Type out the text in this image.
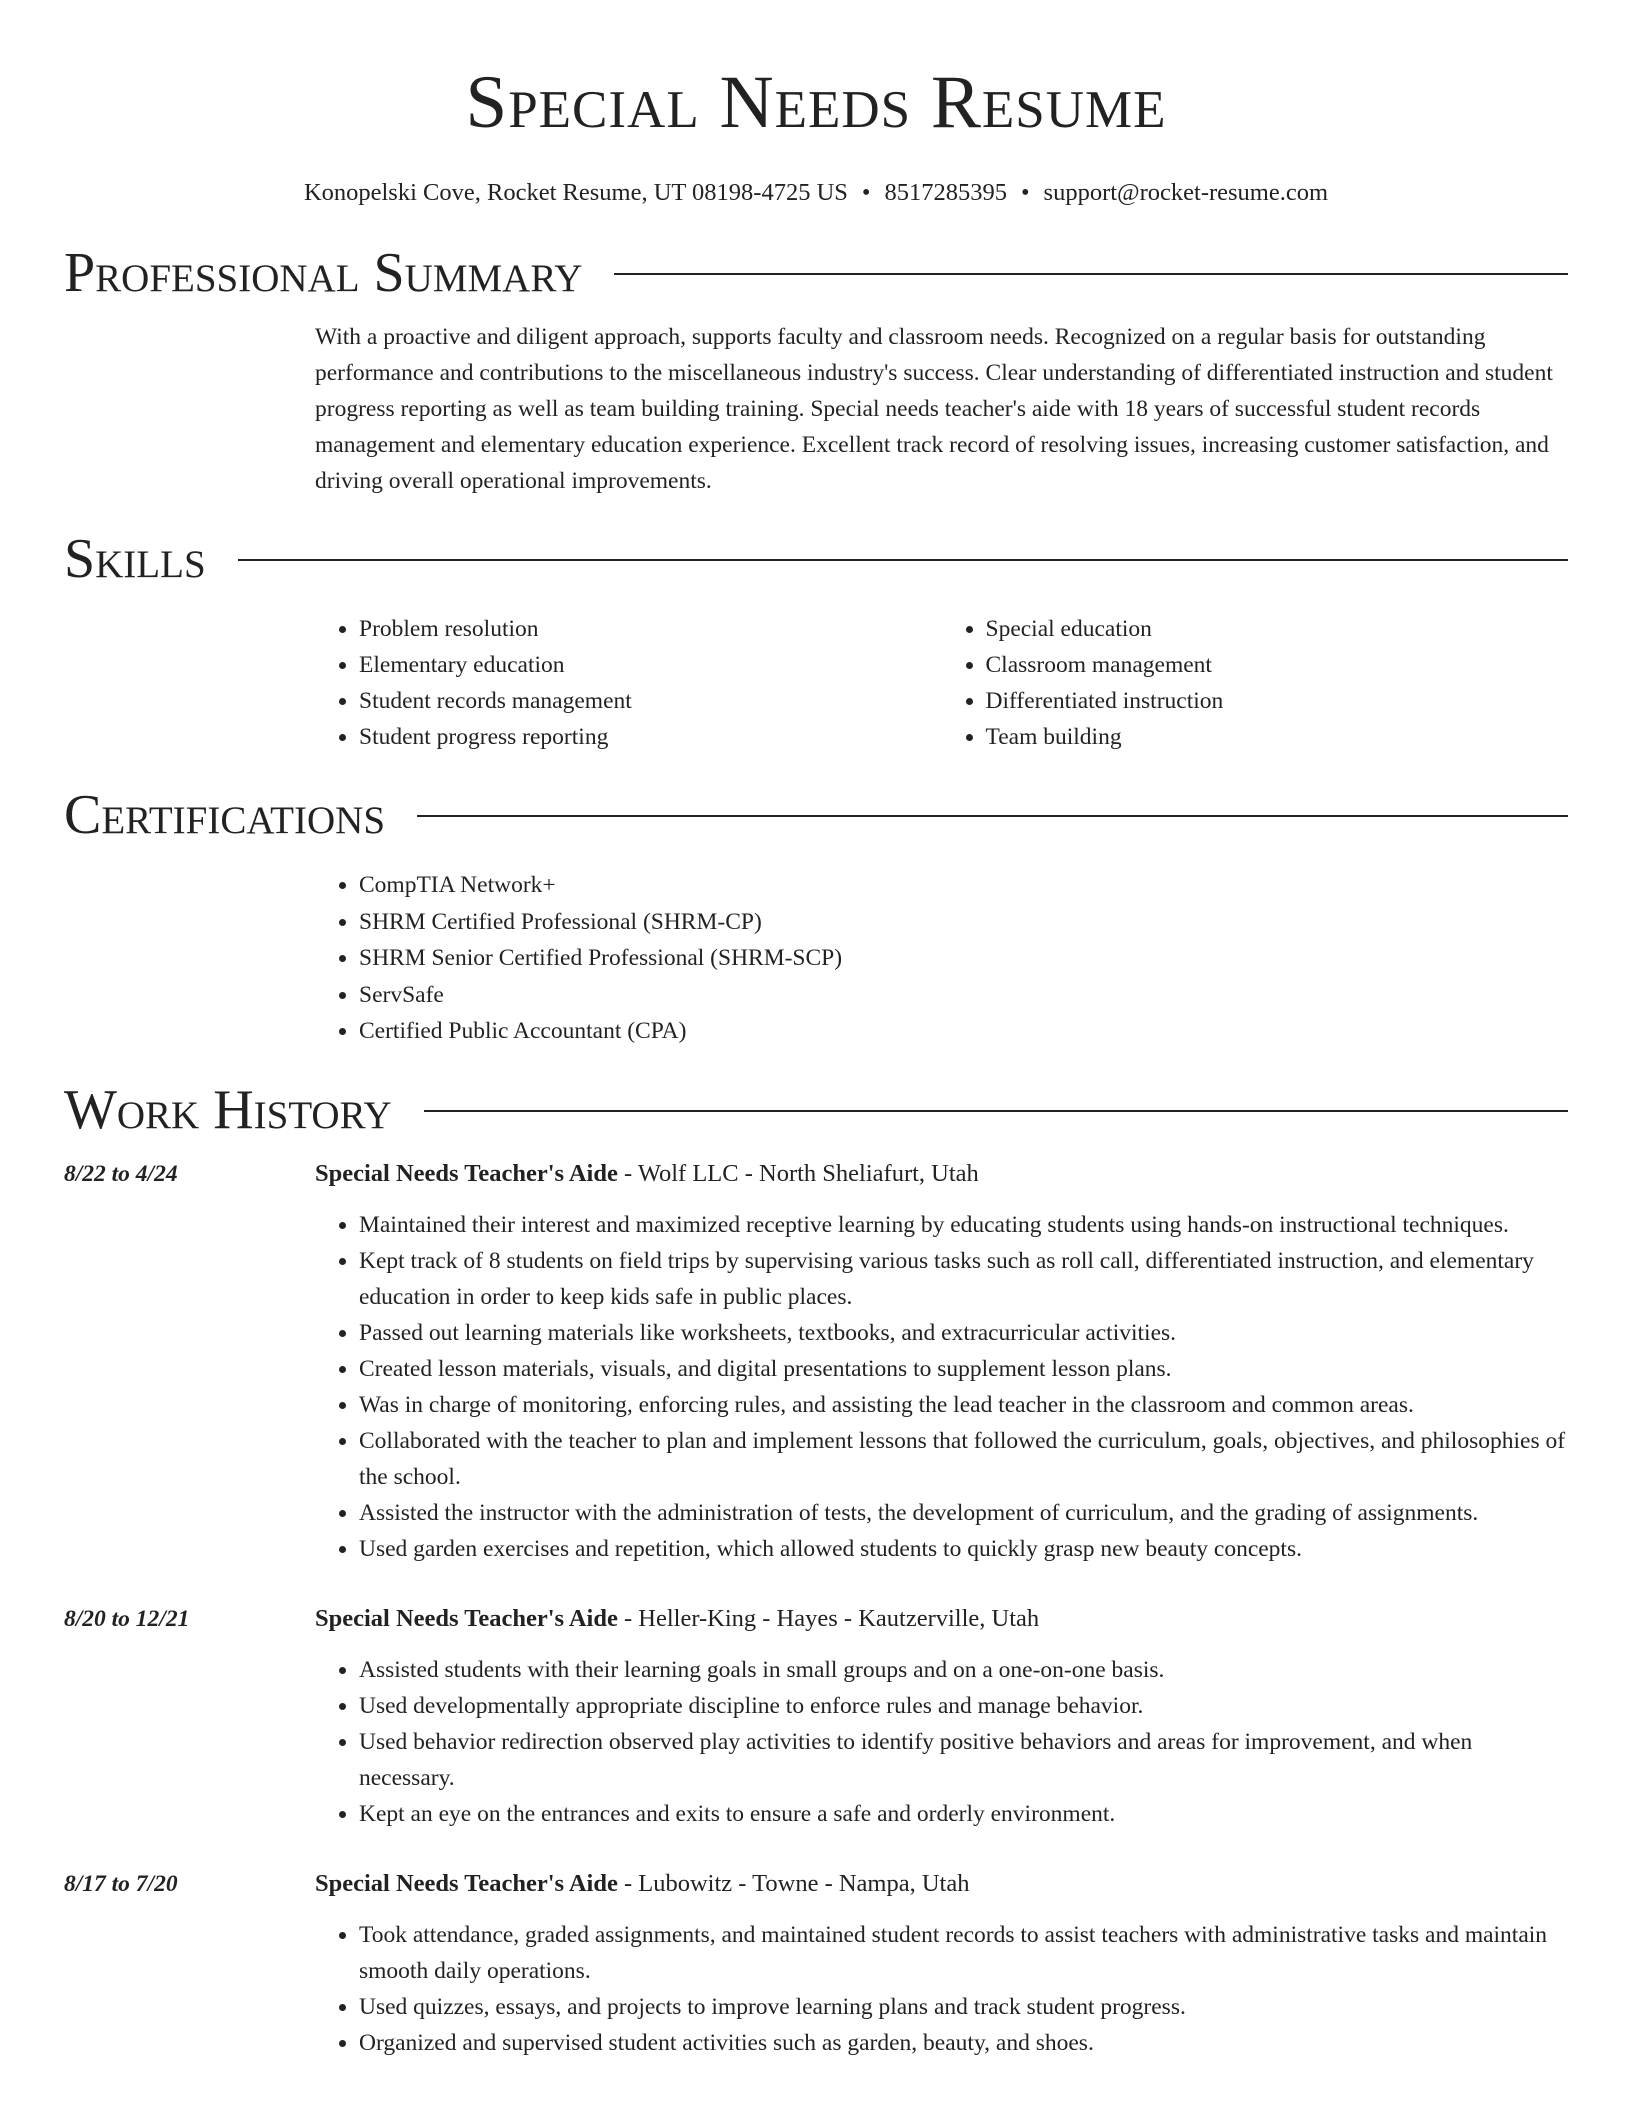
Special Needs Resume
Konopelski Cove, Rocket Resume, UT 08198-4725 US • 8517285395 • support@rocket-resume.com
Professional Summary
With a proactive and diligent approach, supports faculty and classroom needs. Recognized on a regular basis for outstanding performance and contributions to the miscellaneous industry's success. Clear understanding of differentiated instruction and student progress reporting as well as team building training. Special needs teacher's aide with 18 years of successful student records management and elementary education experience. Excellent track record of resolving issues, increasing customer satisfaction, and driving overall operational improvements.
Skills
• Problem resolution
• Elementary education
• Student records management
• Student progress reporting
• Special education
• Classroom management
• Differentiated instruction
• Team building
Certifications
• CompTIA Network+
• SHRM Certified Professional (SHRM-CP)
• SHRM Senior Certified Professional (SHRM-SCP)
• ServSafe
• Certified Public Accountant (CPA)
Work History
8/22 to 4/24	Special Needs Teacher's Aide - Wolf LLC - North Sheliafurt, Utah
• Maintained their interest and maximized receptive learning by educating students using hands-on instructional techniques.
• Kept track of 8 students on field trips by supervising various tasks such as roll call, differentiated instruction, and elementary education in order to keep kids safe in public places.
• Passed out learning materials like worksheets, textbooks, and extracurricular activities.
• Created lesson materials, visuals, and digital presentations to supplement lesson plans.
• Was in charge of monitoring, enforcing rules, and assisting the lead teacher in the classroom and common areas.
• Collaborated with the teacher to plan and implement lessons that followed the curriculum, goals, objectives, and philosophies of the school.
• Assisted the instructor with the administration of tests, the development of curriculum, and the grading of assignments.
• Used garden exercises and repetition, which allowed students to quickly grasp new beauty concepts.
8/20 to 12/21	Special Needs Teacher's Aide - Heller-King - Hayes - Kautzerville, Utah
• Assisted students with their learning goals in small groups and on a one-on-one basis.
• Used developmentally appropriate discipline to enforce rules and manage behavior.
• Used behavior redirection observed play activities to identify positive behaviors and areas for improvement, and when necessary.
• Kept an eye on the entrances and exits to ensure a safe and orderly environment.
8/17 to 7/20	Special Needs Teacher's Aide - Lubowitz - Towne - Nampa, Utah
• Took attendance, graded assignments, and maintained student records to assist teachers with administrative tasks and maintain smooth daily operations.
• Used quizzes, essays, and projects to improve learning plans and track student progress.
• Organized and supervised student activities such as garden, beauty, and shoes.
